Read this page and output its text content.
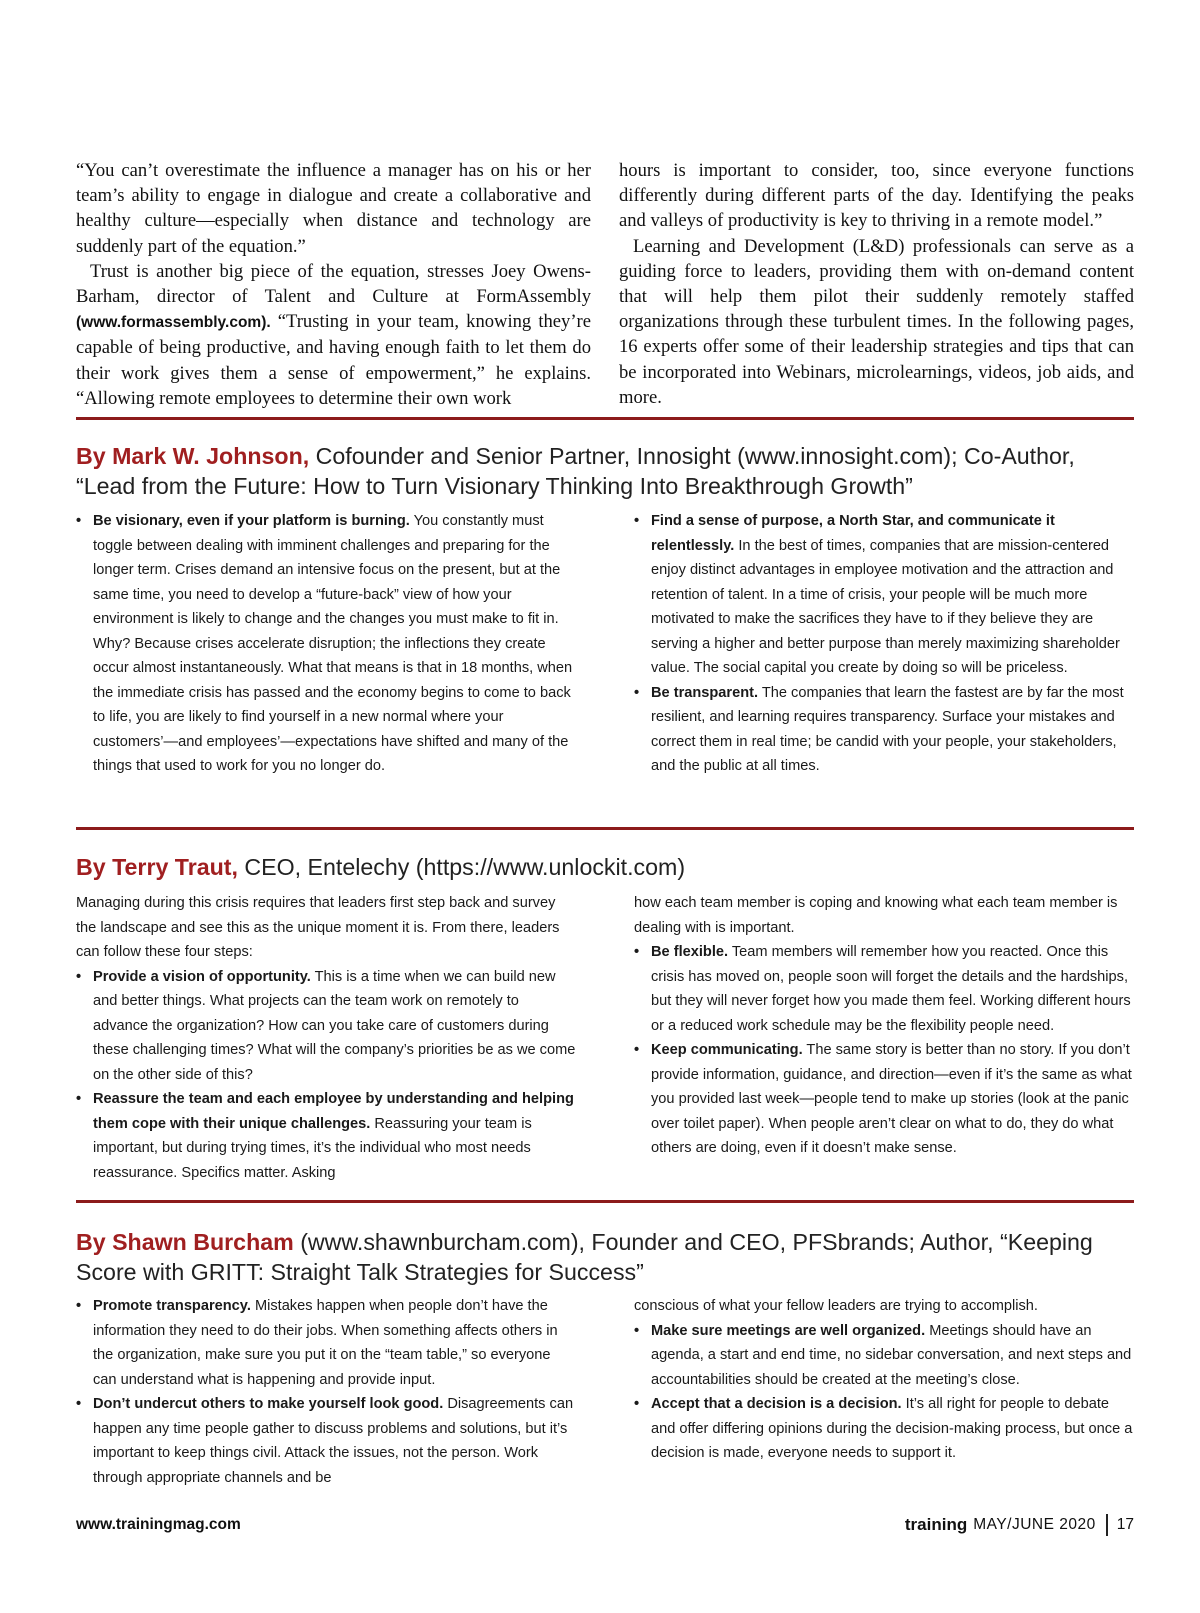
“You can’t overestimate the influence a manager has on his or her team’s ability to engage in dialogue and create a collaborative and healthy culture—especially when distance and technology are suddenly part of the equation.”

Trust is another big piece of the equation, stresses Joey Owens-Barham, director of Talent and Culture at FormAssembly (www.formassembly.com). “Trusting in your team, knowing they’re capable of being productive, and having enough faith to let them do their work gives them a sense of empowerment,” he explains. “Allowing remote employees to determine their own work

hours is important to consider, too, since everyone functions differently during different parts of the day. Identifying the peaks and valleys of productivity is key to thriving in a remote model.”

Learning and Development (L&D) professionals can serve as a guiding force to leaders, providing them with on-demand content that will help them pilot their suddenly remotely staffed organizations through these turbulent times. In the following pages, 16 experts offer some of their leadership strategies and tips that can be incorporated into Webinars, microlearnings, videos, job aids, and more.

By Mark W. Johnson, Cofounder and Senior Partner, Innosight (www.innosight.com); Co-Author, “Lead from the Future: How to Turn Visionary Thinking Into Breakthrough Growth”
• Be visionary, even if your platform is burning. You constantly must toggle between dealing with imminent challenges and preparing for the longer term. Crises demand an intensive focus on the present, but at the same time, you need to develop a “future-back” view of how your environment is likely to change and the changes you must make to fit in. Why? Because crises accelerate disruption; the inflections they create occur almost instantaneously. What that means is that in 18 months, when the immediate crisis has passed and the economy begins to come to back to life, you are likely to find yourself in a new normal where your customers’—and employees’—expectations have shifted and many of the things that used to work for you no longer do.
• Find a sense of purpose, a North Star, and communicate it relentlessly. In the best of times, companies that are mission-centered enjoy distinct advantages in employee motivation and the attraction and retention of talent. In a time of crisis, your people will be much more motivated to make the sacrifices they have to if they believe they are serving a higher and better purpose than merely maximizing shareholder value. The social capital you create by doing so will be priceless.
• Be transparent. The companies that learn the fastest are by far the most resilient, and learning requires transparency. Surface your mistakes and correct them in real time; be candid with your people, your stakeholders, and the public at all times.
By Terry Traut, CEO, Entelechy (https://www.unlockit.com)

Managing during this crisis requires that leaders first step back and survey the landscape and see this as the unique moment it is. From there, leaders can follow these four steps:

• Provide a vision of opportunity. This is a time when we can build new and better things. What projects can the team work on remotely to advance the organization? How can you take care of customers during these challenging times? What will the company’s priorities be as we come on the other side of this?
• Reassure the team and each employee by understanding and helping them cope with their unique challenges. Reassuring your team is important, but during trying times, it’s the individual who most needs reassurance. Specifics matter. Asking

how each team member is coping and knowing what each team member is dealing with is important.

• Be flexible. Team members will remember how you reacted. Once this crisis has moved on, people soon will forget the details and the hardships, but they will never forget how you made them feel. Working different hours or a reduced work schedule may be the flexibility people need.
• Keep communicating. The same story is better than no story. If you don’t provide information, guidance, and direction—even if it’s the same as what you provided last week—people tend to make up stories (look at the panic over toilet paper). When people aren’t clear on what to do, they do what others are doing, even if it doesn’t make sense.
By Shawn Burcham (www.shawnburcham.com), Founder and CEO, PFSbrands; Author, “Keeping Score with GRITT: Straight Talk Strategies for Success”
• Promote transparency. Mistakes happen when people don’t have the information they need to do their jobs. When something affects others in the organization, make sure you put it on the “team table,” so everyone can understand what is happening and provide input.
• Don’t undercut others to make yourself look good. Disagreements can happen any time people gather to discuss problems and solutions, but it’s important to keep things civil. Attack the issues, not the person. Work through appropriate channels and be

conscious of what your fellow leaders are trying to accomplish.

• Make sure meetings are well organized. Meetings should have an agenda, a start and end time, no sidebar conversation, and next steps and accountabilities should be created at the meeting’s close.
• Accept that a decision is a decision. It’s all right for people to debate and offer differing opinions during the decision-making process, but once a decision is made, everyone needs to support it.
www.trainingmag.com	training MAY/JUNE 2020 17
